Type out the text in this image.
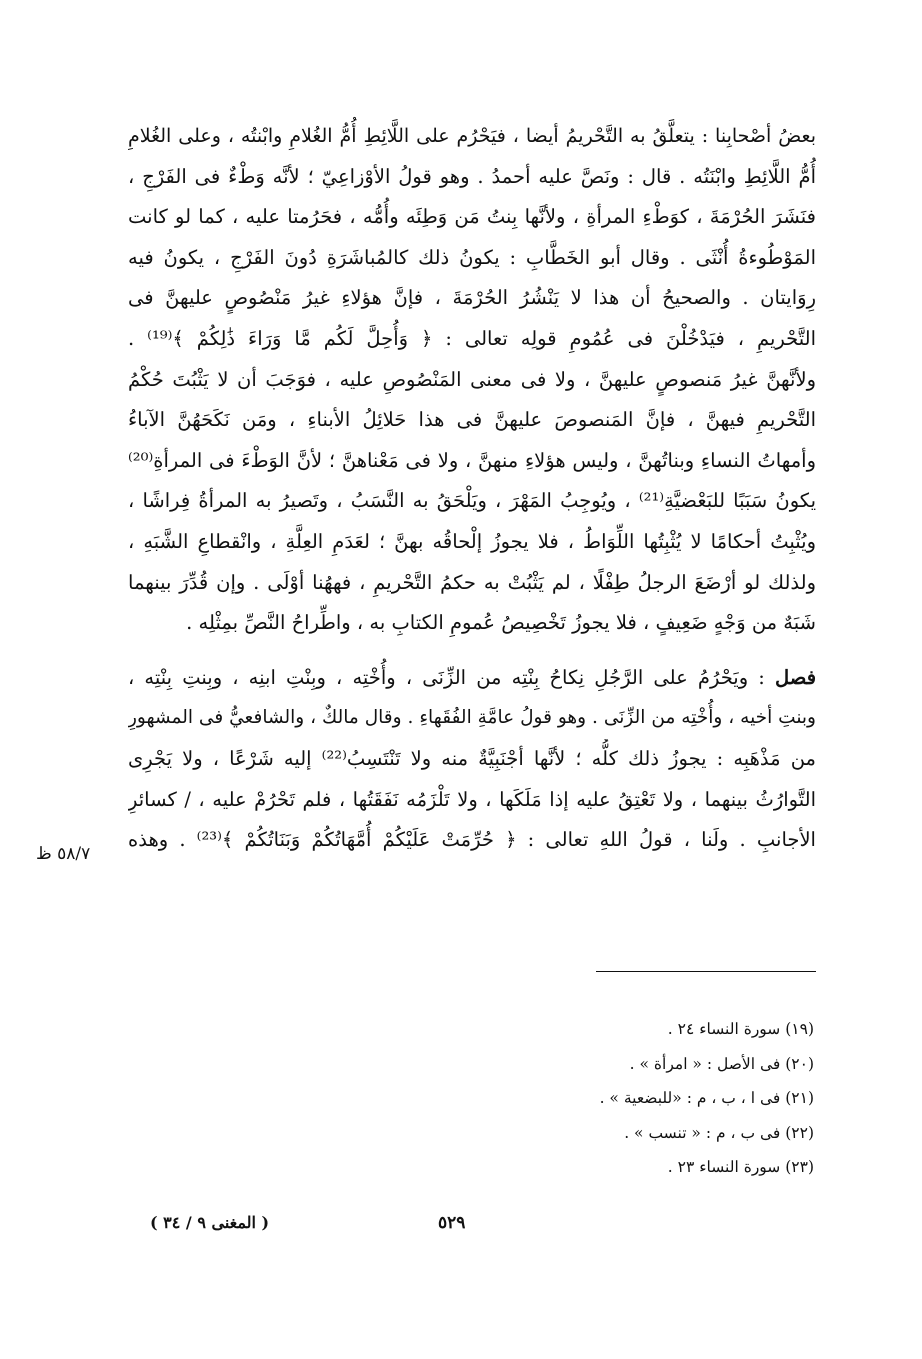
بعضُ أصْحابِنا : يتعلَّقُ به التَّحْريمُ أيضا ، فيَحْرُم على اللَّائِطِ أُمُّ الغُلامِ وابْنتُه ، وعلى الغُلامِ
أُمُّ اللَّائِطِ وابْنَتُه . قال : ونَصَّ عليه أحمدُ . وهو قولُ الأوْزاعِيّ ؛ لأنَّه وَطْءٌ فى الفَرْجِ ،
فنَشَرَ الحُرْمَةَ ، كوَطْءِ المرأةِ ، ولأنَّها بِنتُ مَن وَطِئَه وأُمُّه ، فحَرُمتا عليه ، كما لو كانت
المَوْطُوءةُ أُنْثَى . وقال أبو الخَطَّابِ : يكونُ ذلك كالمُباشَرَةِ دُونَ الفَرْجِ ، يكونُ فيه
رِوَايتان . والصحيحُ أن هذا لا يَنْشُرُ الحُرْمَةَ ، فإنَّ هؤلاءِ غيرُ مَنْصُوصٍ عليهنَّ فى
التَّحْريمِ ، فيَدْخُلْنَ فى عُمُومِ قولِه تعالى : ﴿ وَأُحِلَّ لَكُم مَّا وَرَاءَ ذَٰلِكُمْ ﴾⁽¹⁹⁾ .
ولأنَّهنَّ غيرُ مَنصوصٍ عليهنَّ ، ولا فى معنى المَنْصُوصِ عليه ، فوَجَبَ أن لا يَثْبُتَ حُكْمُ
التَّحْريمِ فيهنَّ ، فإنَّ المَنصوصَ عليهنَّ فى هذا حَلائِلُ الأبناءِ ، ومَن نَكَحَهُنَّ الآباءُ
وأمهاتُ النساءِ وبناتُهنَّ ، وليس هؤلاءِ منهنَّ ، ولا فى مَعْناهنَّ ؛ لأنَّ الوَطْءَ فى المرأةِ⁽²⁰⁾
يكونُ سَبَبًا للبَعْضيَّةِ⁽²¹⁾ ، ويُوجِبُ المَهْرَ ، ويَلْحَقُ به النَّسَبُ ، وتَصيرُ به المرأةُ فِراشًا ،
ويُثْبِتُ أحكامًا لا يُثْبِتُها اللِّوَاطُ ، فلا يجوزُ إلْحاقُه بهنَّ ؛ لعَدَمِ العِلَّةِ ، وانْقطاعِ الشَّبَهِ ،
ولذلك لو أرْضَعَ الرجلُ طِفْلًا ، لم يَثْبُتْ به حكمُ التَّحْريمِ ، فههُنا أوْلَى . وإن قُدِّرَ بينهما
شَبَهٌ من وَجْهٍ ضَعِيفٍ ، فلا يجوزُ تَخْصِيصُ عُمومِ الكتابِ به ، واطِّراحُ النَّصِّ بمِثْلِه .
فصل : ويَحْرُمُ على الرَّجُلِ نِكاحُ بِنْتِه من الزِّنَى ، وأُخْتِه ، وبِنْتِ ابنِه ، وبِنتِ بِنْتِه ،
وبنتِ أخيه ، وأُخْتِه من الزِّنَى . وهو قولُ عامَّةِ الفُقَهاءِ . وقال مالكٌ ، والشافعيُّ فى المشهورِ
من مَذْهَبِه : يجوزُ ذلك كلُّه ؛ لأنَّها أجْنَبِيَّةٌ منه ولا تَنْتَسِبُ⁽²²⁾ إليه شَرْعًا ، ولا يَجْرِى
التَّوارُثُ بينهما ، ولا تَعْتِقُ عليه إذا مَلَكَها ، ولا تَلْزَمُه نَفَقَتُها ، فلم تَحْرُمْ عليه ، / كسائرِ
الأجانبِ . ولَنا ، قولُ اللهِ تعالى : ﴿ حُرِّمَتْ عَلَيْكُمْ أُمَّهَاتُكُمْ وَبَنَاتُكُمْ ﴾⁽²³⁾ . وهذه
٥٨/٧ ظ
(١٩) سورة النساء ٢٤ .
(٢٠) فى الأصل : « امرأة » .
(٢١) فى ا ، ب ، م : «للبضعية » .
(٢٢) فى ب ، م : « تنسب » .
(٢٣) سورة النساء ٢٣ .
٥٢٩
( المغنى ٩ / ٣٤ )
